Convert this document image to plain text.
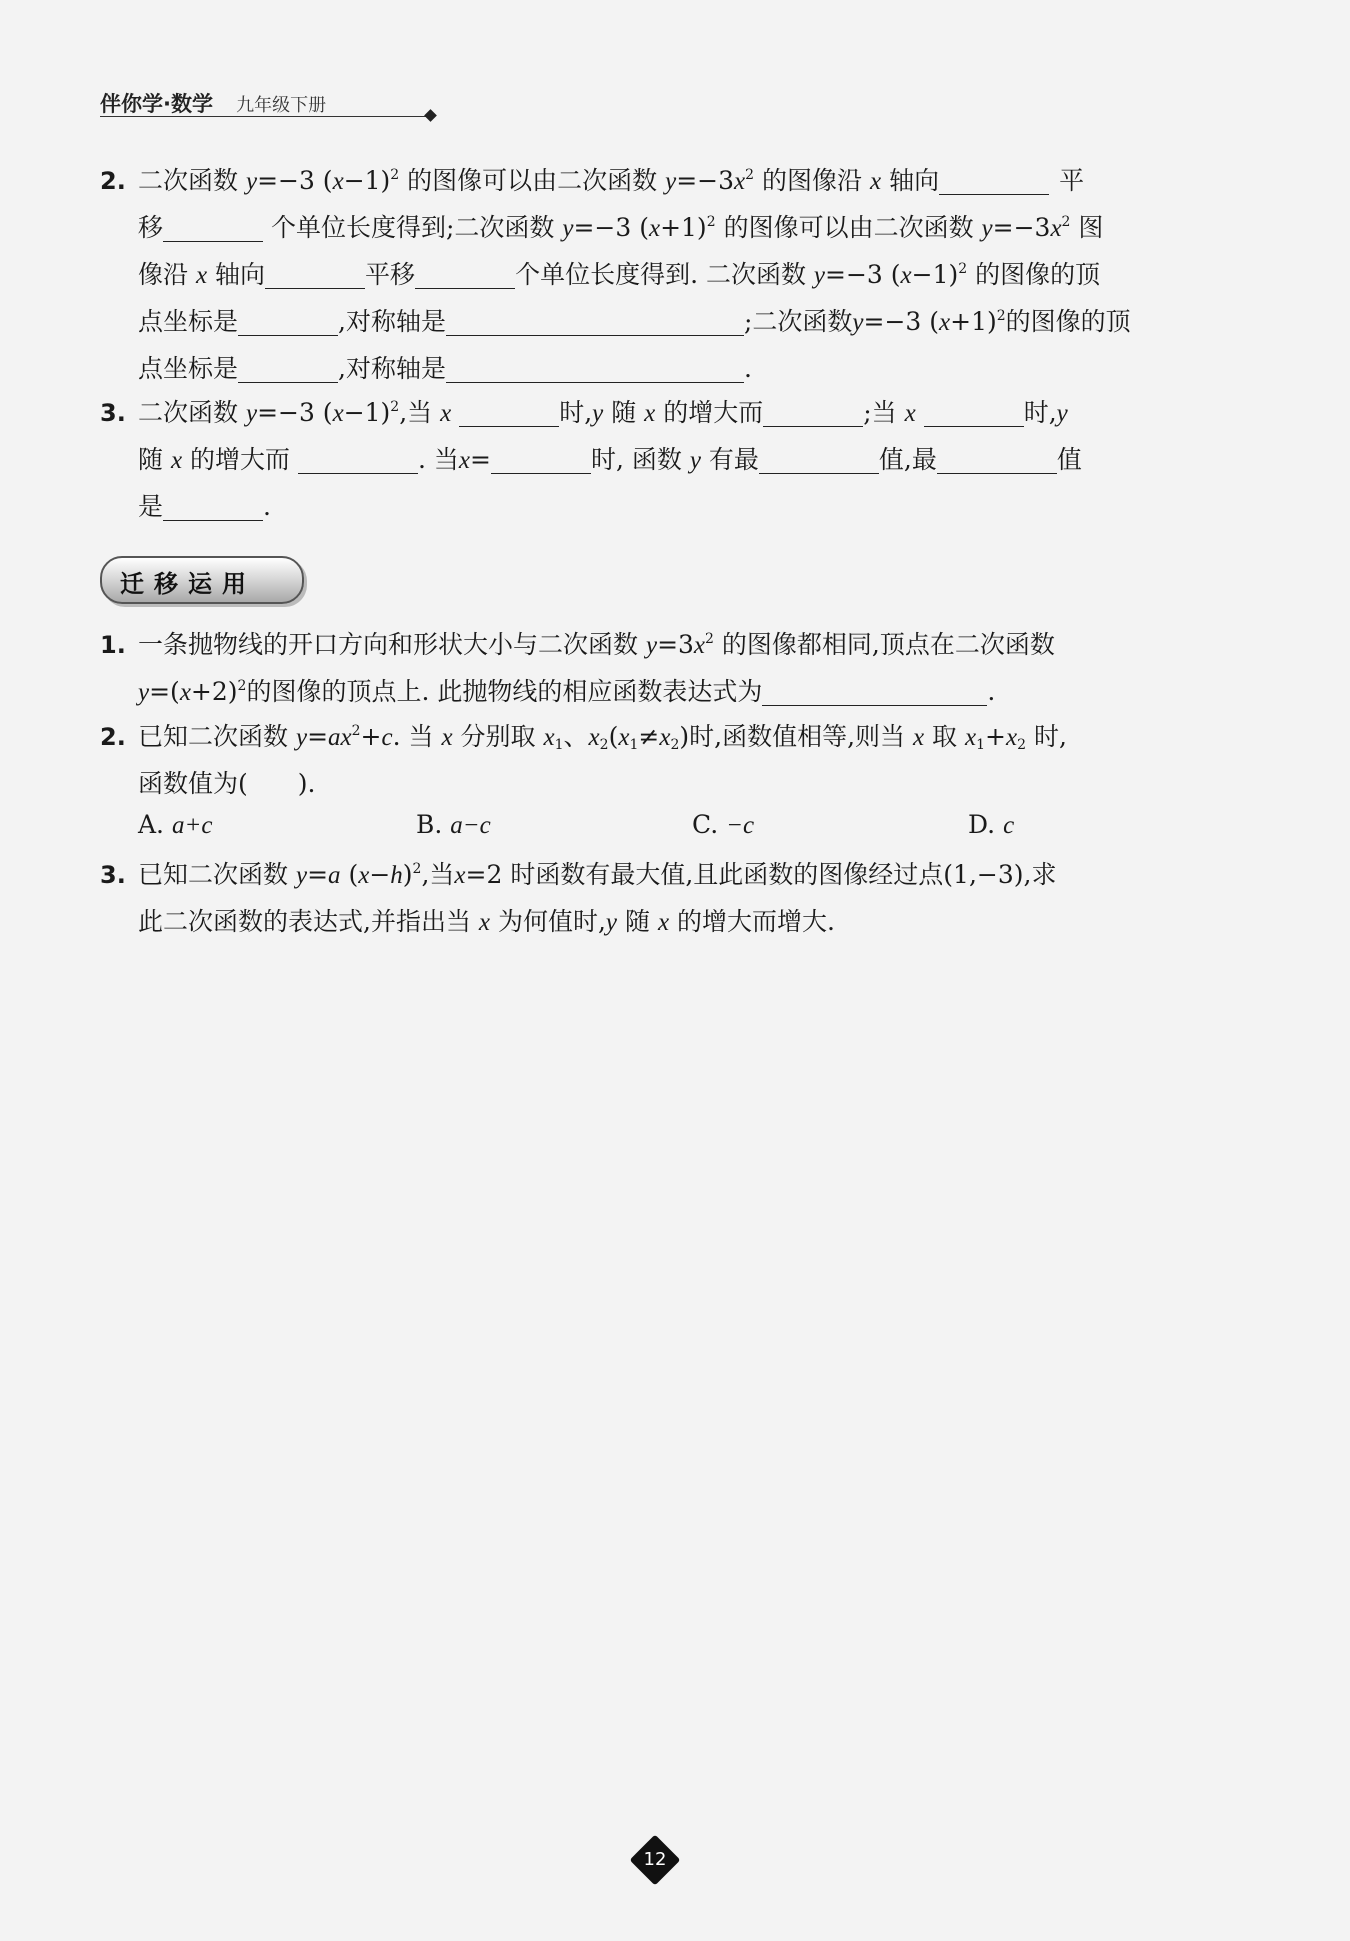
伴你学·数学 九年级下册
2. 二次函数 y=−3 $(x-1)^2$ 的图像可以由二次函数 $y=-3x^2$ 的图像沿 x 轴向	平
移	个单位长度得到;二次函数 y=−3 $(x+1)^2$ 的图像可以由二次函数 $y=-3x^2$ 图
像沿 x 轴向	平移	个单位长度得到. 二次函数 y=−3 $(x-1)^2$ 的图像的顶
点坐标是	,对称轴是	;二次函数y=−3 $(x+1)^2$的图像的顶
点坐标是	,对称轴是	.
3. 二次函数 y=−3 $(x-1)^2$,当 x	时,y 随 x 的增大而	;当 x	时,y
随 x 的增大而	. 当x=	时, 函数 y 有最	值,最	值
是	.
迁移运用
1. 一条抛物线的开口方向和形状大小与二次函数 $y=3x^2$ 的图像都相同,顶点在二次函数
$y=(x+2)^2$的图像的顶点上. 此抛物线的相应函数表达式为	.
2. 已知二次函数 $y=ax^2+c$. 当 x 分别取 $x_1$、$x_2(x_1\ne x_2)$时,函数值相等,则当 x 取 $x_1+x_2$ 时,
函数值为( ).
A. a+c	B. a−c	C. −c	D. c
3. 已知二次函数 y=a $(x-h)^2$,当x=2 时函数有最大值,且此函数的图像经过点(1,−3),求
此二次函数的表达式,并指出当 x 为何值时,y 随 x 的增大而增大.
12
